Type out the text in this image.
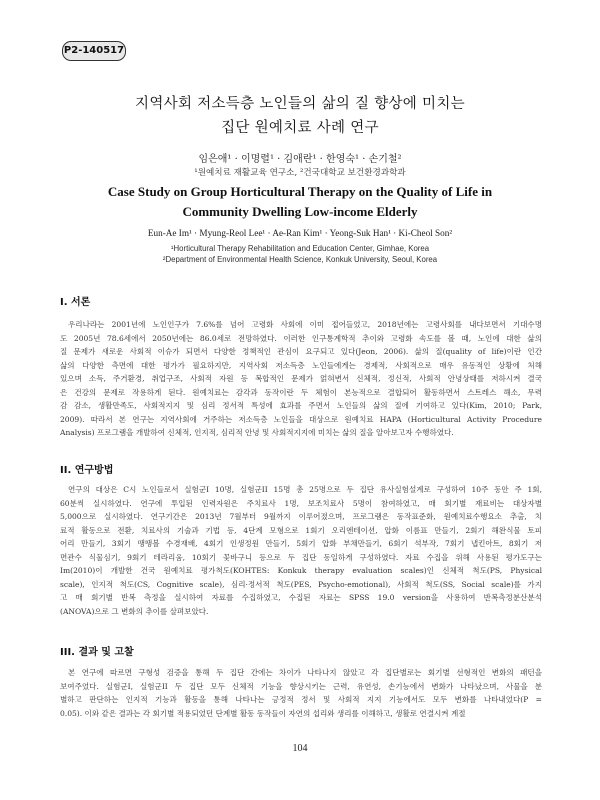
P2-140517
지역사회 저소득층 노인들의 삶의 질 향상에 미치는
집단 원예치료 사례 연구
임은애¹ · 이명렬¹ · 김애란¹ · 한영숙¹ · 손기철²
¹원예치료 재활교육 연구소, ²건국대학교 보건환경과학과
Case Study on Group Horticultural Therapy on the Quality of Life in
Community Dwelling Low-income Elderly
Eun-Ae Im¹ · Myung-Reol Lee¹ · Ae-Ran Kim¹ · Yeong-Suk Han¹ · Ki-Cheol Son²
¹Horticultural Therapy Rehabilitation and Education Center, Gimhae, Korea
²Department of Environmental Health Science, Konkuk University, Seoul, Korea
I. 서론
우리나라는 2001년에 노인인구가 7.6%를 넘어 고령화 사회에 이미 접어들었고, 2018년에는 고령사회를 내다보면서 기대수명
도 2005년 78.6세에서 2050년에는 86.0세로 전망하였다. 이러한 인구통계학적 추이와 고령화 속도를 볼 때, 노인에 대한 삶의
질 문제가 새로운 사회적 이슈가 되면서 다양한 정책적인 관심이 요구되고 있다(Jeon, 2006). 삶의 질(quality of life)이란 인간
삶의 다양한 측면에 대한 평가가 필요하지만, 지역사회 저소득층 노인들에게는 경제적, 사회적으로 매우 유동적인 상황에 처해
있으며 소득, 주거환경, 취업구조, 사회적 자원 등 복합적인 문제가 얽혀변서 신체적, 정신적, 사회적 안녕상태를 저하시켜 결국
은 건강의 문제로 작용하게 된다. 원예치료는 감각과 동작이란 두 체험이 본능적으로 결합되어 활동하면서 스트레스 해소, 무력
감 감소, 생활만족도, 사회적지지 및 심리 정서적 특성에 효과를 주면서 노인들의 삶의 질에 기여하고 있다(Kim, 2010; Park,
2009). 따라서 본 연구는 지역사회에 거주하는 저소득층 노인들을 대상으로 원예치료 HAPA (Horticultural Activity Procedure
Analysis) 프로그램을 개발하여 신체적, 인지적, 심리적 안녕 및 사회적지지에 미치는 삶의 질을 알아보고자 수행하였다.
II. 연구방법
연구의 대상은 C시 노인들로서 실험군I 10명, 실험군II 15명 총 25명으로 두 집단 유사실험설계로 구성하여 10주 동안 주 1회,
60분씩 실시하였다. 연구에 투입된 인력자원은 주치료사 1명, 보조치료사 5명이 참여하였고, 매 회기별 재료비는 대상자별
5,000으로 실시하였다. 연구기간은 2013년 7월부터 9월까지 이루어졌으며, 프로그램은 동작표준화, 원예치료수행요소 추출, 치
료적 활동으로 전환, 치료사의 기술과 기법 등, 4단계 모형으로 1회기 오리엔테이션, 압화 이름표 만들기, 2회기 해완식물 토피
어리 만들기, 3회기 땡땡볼 수경재배, 4회기 인생정원 만들기, 5회기 압화 부채만들기, 6회기 석부작, 7회기 냅킨아트, 8회기 저
면관수 식물심기, 9회기 테라리움, 10회기 꽃바구니 등으로 두 집단 동일하게 구성하였다. 자료 수집을 위해 사용된 평가도구는
Im(2010)이 개발한 건국 원예치료 평가척도(KOHTES: Konkuk therapy evaluation scales)인 신체적 척도(PS, Physical
scale), 인지적 척도(CS, Cognitive scale), 심리·정서적 척도(PES, Psycho-emotional), 사회적 척도(SS, Social scale)를 가지
고 매 회기별 반복 측정을 실시하여 자료를 수집하였고, 수집된 자료는 SPSS 19.0 version을 사용하여 반복측정분산분석
(ANOVA)으로 그 변화의 추이를 살펴보았다.
III. 결과 및 고찰
본 연구에 따르면 구형성 검증을 통해 두 집단 간에는 차이가 나타나지 않았고 각 집단별로는 회기별 선형적인 변화의 패턴을
보여주었다. 실험군I, 실험군II 두 집단 모두 신체적 기능을 향상시키는 근력, 유연성, 손기능에서 변화가 나타났으며, 사물을 분
별하고 판단하는 인지적 기능과 활동을 통해 나타나는 긍정적 정서 및 사회적 지지 기능에서도 모두 변화를 나타내었다(P =
0.05). 이와 같은 결과는 각 회기별 적용되었던 단계별 활동 동작들이 자연의 섭리와 생리를 이해하고, 생활로 연결시켜 계절
104
